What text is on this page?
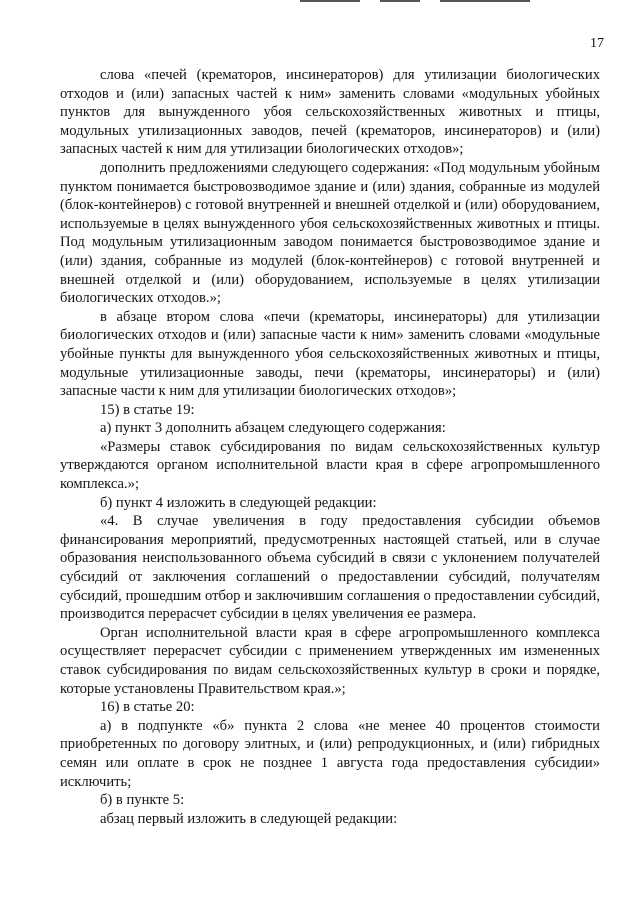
17

слова «печей (крематоров, инсинераторов) для утилизации биологических отходов и (или) запасных частей к ним» заменить словами «модульных убойных пунктов для вынужденного убоя сельскохозяйственных животных и птицы, модульных утилизационных заводов, печей (крематоров, инсинераторов) и (или) запасных частей к ним для утилизации биологических отходов»;

дополнить предложениями следующего содержания: «Под модульным убойным пунктом понимается быстровозводимое здание и (или) здания, собранные из модулей (блок-контейнеров) с готовой внутренней и внешней отделкой и (или) оборудованием, используемые в целях вынужденного убоя сельскохозяйственных животных и птицы. Под модульным утилизационным заводом понимается быстровозводимое здание и (или) здания, собранные из модулей (блок-контейнеров) с готовой внутренней и внешней отделкой и (или) оборудованием, используемые в целях утилизации биологических отходов.»;

в абзаце втором слова «печи (крематоры, инсинераторы) для утилизации биологических отходов и (или) запасные части к ним» заменить словами «модульные убойные пункты для вынужденного убоя сельскохозяйственных животных и птицы, модульные утилизационные заводы, печи (крематоры, инсинераторы) и (или) запасные части к ним для утилизации биологических отходов»;

15) в статье 19:

а) пункт 3 дополнить абзацем следующего содержания:

«Размеры ставок субсидирования по видам сельскохозяйственных культур утверждаются органом исполнительной власти края в сфере агропромышленного комплекса.»;

б) пункт 4 изложить в следующей редакции:

«4. В случае увеличения в году предоставления субсидии объемов финансирования мероприятий, предусмотренных настоящей статьей, или в случае образования неиспользованного объема субсидий в связи с уклонением получателей субсидий от заключения соглашений о предоставлении субсидий, получателям субсидий, прошедшим отбор и заключившим соглашения о предоставлении субсидий, производится перерасчет субсидии в целях увеличения ее размера.

Орган исполнительной власти края в сфере агропромышленного комплекса осуществляет перерасчет субсидии с применением утвержденных им измененных ставок субсидирования по видам сельскохозяйственных культур в сроки и порядке, которые установлены Правительством края.»;

16) в статье 20:

а) в подпункте «б» пункта 2 слова «не менее 40 процентов стоимости приобретенных по договору элитных, и (или) репродукционных, и (или) гибридных семян или оплате в срок не позднее 1 августа года предоставления субсидии» исключить;

б) в пункте 5:

абзац первый изложить в следующей редакции:
